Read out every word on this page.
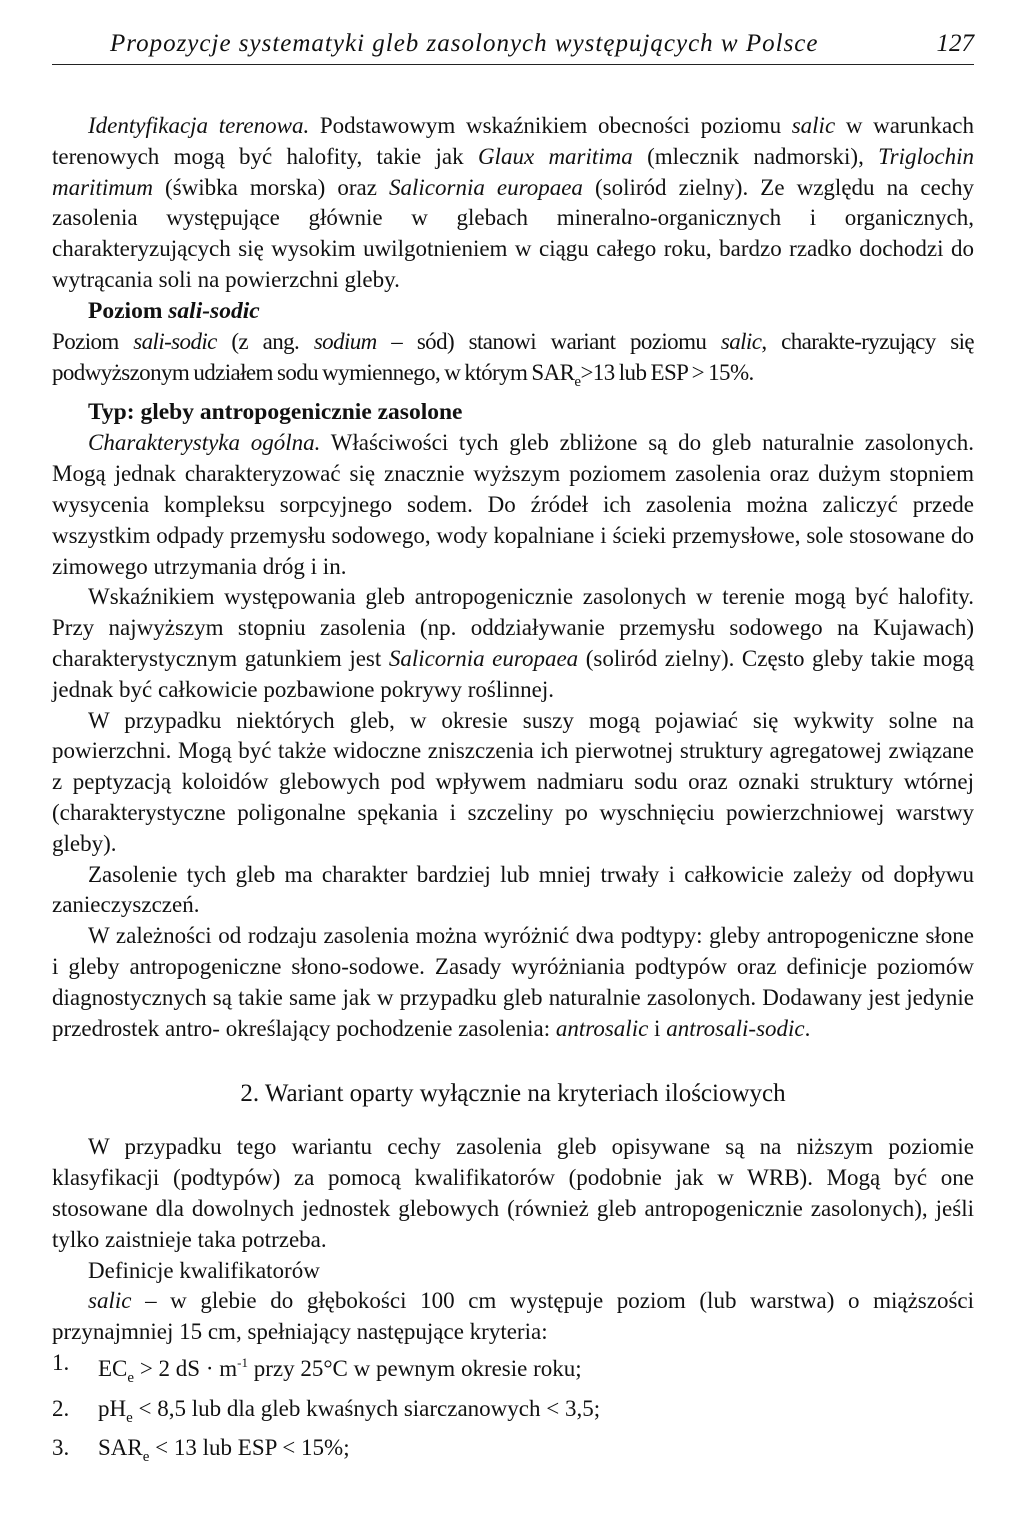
Propozycje systematyki gleb zasolonych występujących w Polsce	127

Identyfikacja terenowa. Podstawowym wskaźnikiem obecności poziomu salic w warunkach terenowych mogą być halofity, takie jak Glaux maritima (mlecznik nadmorski), Triglochin maritimum (świbka morska) oraz Salicornia europaea (soliród zielny). Ze względu na cechy zasolenia występujące głównie w glebach mineralno-organicznych i organicznych, charakteryzujących się wysokim uwilgotnieniem w ciągu całego roku, bardzo rzadko dochodzi do wytrącania soli na powierzchni gleby.

Poziom sali-sodic

Poziom sali-sodic (z ang. sodium – sód) stanowi wariant poziomu salic, charakte-ryzujący się podwyższonym udziałem sodu wymiennego, w którym $SAR_e>13$ lub ESP > 15%.

Typ: gleby antropogenicznie zasolone

Charakterystyka ogólna. Właściwości tych gleb zbliżone są do gleb naturalnie zasolonych. Mogą jednak charakteryzować się znacznie wyższym poziomem zasolenia oraz dużym stopniem wysycenia kompleksu sorpcyjnego sodem. Do źródeł ich zasolenia można zaliczyć przede wszystkim odpady przemysłu sodowego, wody kopalniane i ścieki przemysłowe, sole stosowane do zimowego utrzymania dróg i in.

Wskaźnikiem występowania gleb antropogenicznie zasolonych w terenie mogą być halofity. Przy najwyższym stopniu zasolenia (np. oddziaływanie przemysłu sodowego na Kujawach) charakterystycznym gatunkiem jest Salicornia europaea (soliród zielny). Często gleby takie mogą jednak być całkowicie pozbawione pokrywy roślinnej.

W przypadku niektórych gleb, w okresie suszy mogą pojawiać się wykwity solne na powierzchni. Mogą być także widoczne zniszczenia ich pierwotnej struktury agregatowej związane z peptyzacją koloidów glebowych pod wpływem nadmiaru sodu oraz oznaki struktury wtórnej (charakterystyczne poligonalne spękania i szczeliny po wyschnięciu powierzchniowej warstwy gleby).

Zasolenie tych gleb ma charakter bardziej lub mniej trwały i całkowicie zależy od dopływu zanieczyszczeń.

W zależności od rodzaju zasolenia można wyróżnić dwa podtypy: gleby antropogeniczne słone i gleby antropogeniczne słono-sodowe. Zasady wyróżniania podtypów oraz definicje poziomów diagnostycznych są takie same jak w przypadku gleb naturalnie zasolonych. Dodawany jest jedynie przedrostek antro- określający pochodzenie zasolenia: antrosalic i antrosali-sodic.

2. Wariant oparty wyłącznie na kryteriach ilościowych

W przypadku tego wariantu cechy zasolenia gleb opisywane są na niższym poziomie klasyfikacji (podtypów) za pomocą kwalifikatorów (podobnie jak w WRB). Mogą być one stosowane dla dowolnych jednostek glebowych (również gleb antropogenicznie zasolonych), jeśli tylko zaistnieje taka potrzeba.

Definicje kwalifikatorów

salic – w glebie do głębokości 100 cm występuje poziom (lub warstwa) o miąższości przynajmniej 15 cm, spełniający następujące kryteria:

1. $EC_e > 2$ dS · $m^{-1}$ przy 25°C w pewnym okresie roku;
2. $pH_e < 8,5$ lub dla gleb kwaśnych siarczanowych < 3,5;
3. $SAR_e < 13$ lub ESP < 15%;
